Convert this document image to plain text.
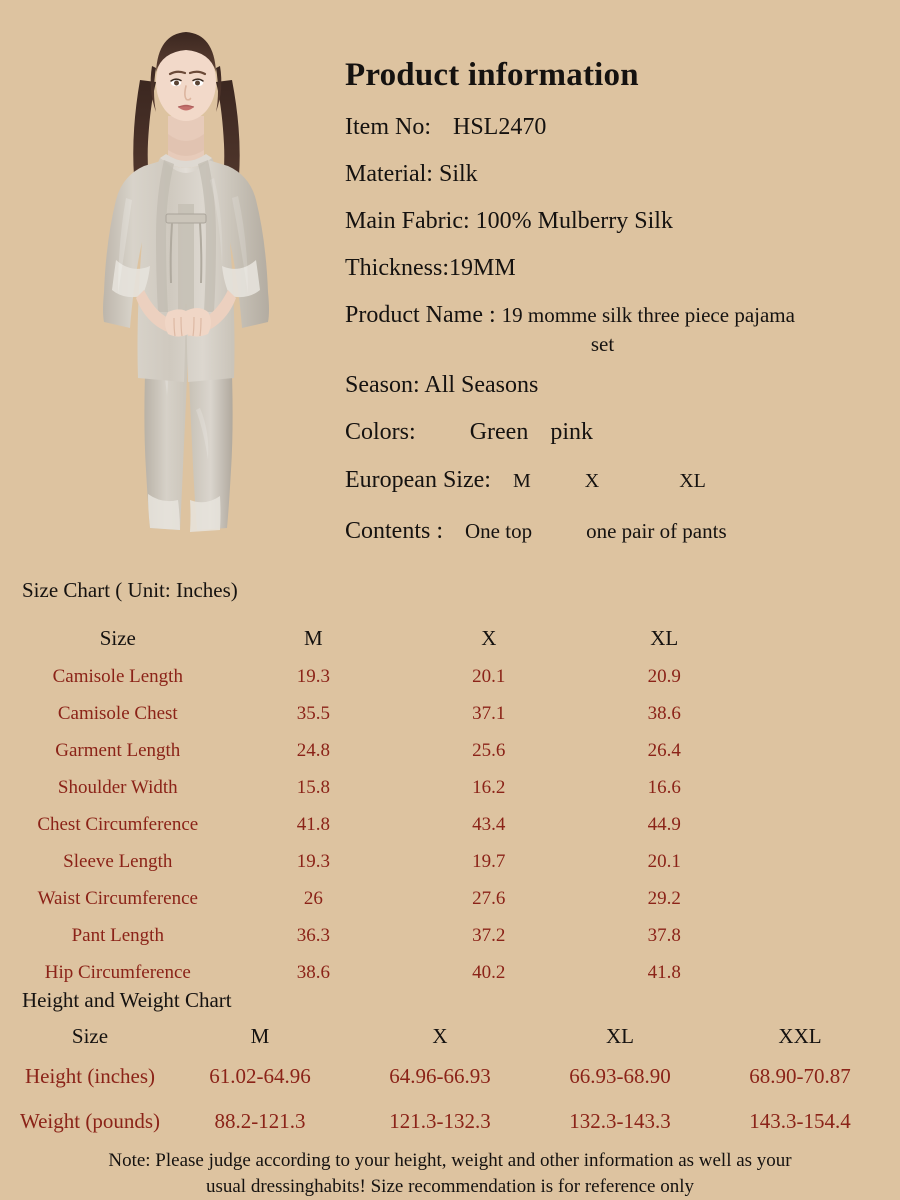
Product information
Item No: HSL2470
Material: Silk
Main Fabric: 100% Mulberry Silk
Thickness:19MM
Product Name : 19 momme silk three piece pajama
set
Season: All Seasons
Colors: Green pink
European Size: M	X	XL
Contents : One top	one pair of pants
Size Chart ( Unit: Inches)
Size	M	X	XL
Camisole Length	19.3	20.1	20.9
Camisole Chest	35.5	37.1	38.6
Garment Length	24.8	25.6	26.4
Shoulder Width	15.8	16.2	16.6
Chest Circumference	41.8	43.4	44.9
Sleeve Length	19.3	19.7	20.1
Waist Circumference	26	27.6	29.2
Pant Length	36.3	37.2	37.8
Hip Circumference	38.6	40.2	41.8
Height and Weight Chart
Size	M	X	XL	XXL
Height (inches)	61.02-64.96	64.96-66.93	66.93-68.90	68.90-70.87
Weight (pounds)	88.2-121.3	121.3-132.3	132.3-143.3	143.3-154.4
Note: Please judge according to your height, weight and other information as well as your
usual dressinghabits! Size recommendation is for reference only
